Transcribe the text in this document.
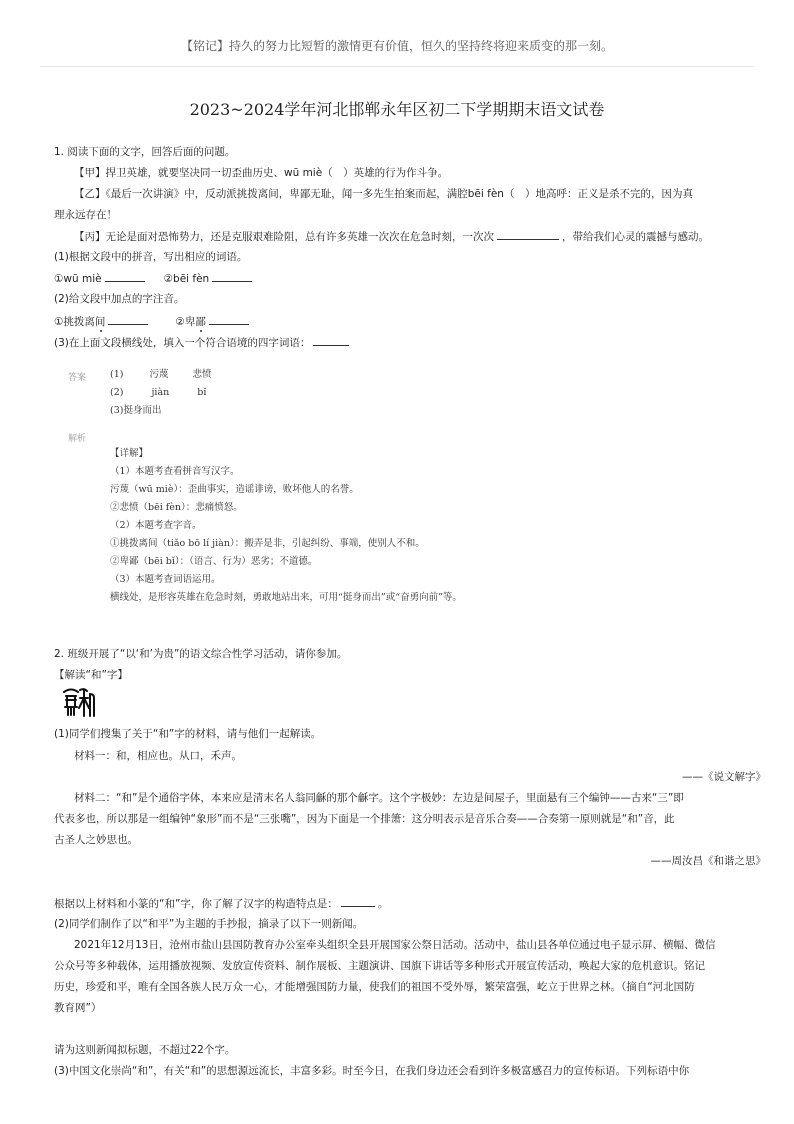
【铭记】持久的努力比短暂的激情更有价值，恒久的坚持终将迎来质变的那一刻。
2023~2024学年河北邯郸永年区初二下学期期末语文试卷
1. 阅读下面的文字，回答后面的问题。
【甲】捍卫英雄，就要坚决同一切歪曲历史、wū miè（　）英雄的行为作斗争。
【乙】《最后一次讲演》中，反动派挑拨离间，卑鄙无耻，闻一多先生拍案而起，满腔bēi fèn（　）地高呼：正义是杀不完的，因为真
理永远存在！
【丙】无论是面对恐怖势力，还是克服艰难险阻，总有许多英雄一次次在危急时刻，一次次	，带给我们心灵的震撼与感动。
(1)根据文段中的拼音，写出相应的词语。
①wū miè	②bēi fèn
(2)给文段中加点的字注音。
①挑拨离间	②卑鄙
(3)在上面文段横线处，填入一个符合语境的四字词语：
答案	(1)	污蔑	悲愤
(2)	jiàn	bǐ
(3)挺身而出
解析
【详解】
（1）本题考查看拼音写汉字。
污蔑（wū miè）：歪曲事实，造谣诽谤，败坏他人的名誉。
②悲愤（bēi fèn）：悲痛愤怒。
（2）本题考查字音。
①挑拨离间（tiǎo bō lí jiàn）：搬弄是非，引起纠纷、事端，使别人不和。
②卑鄙（bēi bǐ）：（语言、行为）恶劣；不道德。
（3）本题考查词语运用。
横线处，是形容英雄在危急时刻，勇敢地站出来，可用“挺身而出”或“奋勇向前”等。
2. 班级开展了“以‘和’为贵”的语文综合性学习活动，请你参加。
【解读“和”字】
(1)同学们搜集了关于“和”字的材料，请与他们一起解读。
材料一：和，相应也。从口，禾声。
——《说文解字》
材料二：“和”是个通俗字体，本来应是清末名人翁同龢的那个龢字。这个字极妙：左边是间屋子，里面悬有三个编钟——古来“三”即
代表多也，所以那是一组编钟“象形”而不是“三张嘴”，因为下面是一个排箫：这分明表示是音乐合奏——合奏第一原则就是“和”音，此
古圣人之妙思也。
——周汝昌《和谐之思》
根据以上材料和小篆的“和”字，你了解了汉字的构造特点是：	。
(2)同学们制作了以“和平”为主题的手抄报，摘录了以下一则新闻。
2021年12月13日，沧州市盐山县国防教育办公室牵头组织全县开展国家公祭日活动。活动中，盐山县各单位通过电子显示屏、横幅、微信
公众号等多种载体，运用播放视频、发放宣传资料、制作展板、主题演讲、国旗下讲话等多种形式开展宣传活动，唤起大家的危机意识。铭记
历史，珍爱和平，唯有全国各族人民万众一心，才能增强国防力量，使我们的祖国不受外辱，繁荣富强，屹立于世界之林。（摘自“河北国防
教育网”）
请为这则新闻拟标题，不超过22个字。
(3)中国文化崇尚“和”，有关“和”的思想源远流长，丰富多彩。时至今日，在我们身边还会看到许多极富感召力的宣传标语。下列标语中你
